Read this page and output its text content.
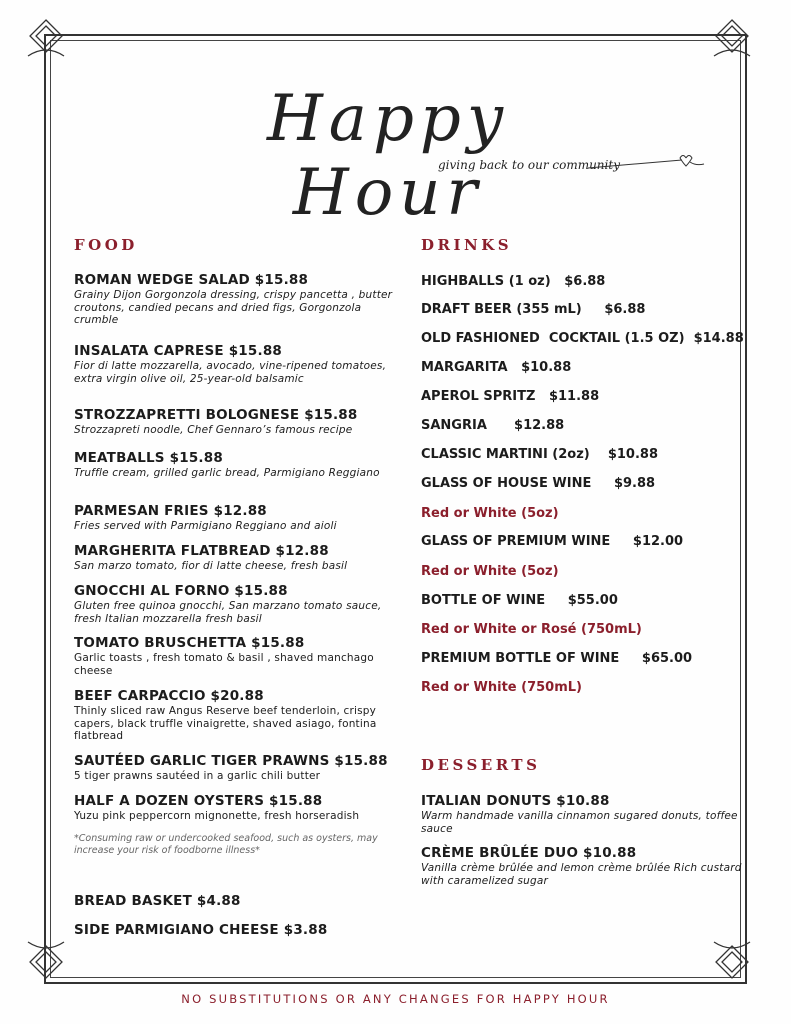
Happy Hour
giving back to our community
FOOD
ROMAN WEDGE SALAD $15.88
Grainy Dijon Gorgonzola dressing, crispy pancetta , butter croutons, candied pecans and dried figs, Gorgonzola crumble
INSALATA CAPRESE $15.88
Fior di latte mozzarella, avocado, vine-ripened tomatoes, extra virgin olive oil, 25-year-old balsamic
STROZZAPRETTI BOLOGNESE $15.88
Strozzapreti noodle, Chef Gennaro’s famous recipe
MEATBALLS $15.88
Truffle cream, grilled garlic bread, Parmigiano Reggiano
PARMESAN FRIES $12.88
Fries served with Parmigiano Reggiano and aioli
MARGHERITA FLATBREAD $12.88
San marzo tomato, fior di latte cheese, fresh basil
GNOCCHI AL FORNO $15.88
Gluten free quinoa gnocchi, San marzano tomato sauce, fresh Italian mozzarella fresh basil
TOMATO BRUSCHETTA $15.88
Garlic toasts , fresh tomato & basil , shaved manchago cheese
BEEF CARPACCIO $20.88
Thinly sliced raw Angus Reserve beef tenderloin, crispy capers, black truffle vinaigrette, shaved asiago, fontina flatbread
SAUTÉED GARLIC TIGER PRAWNS $15.88
5 tiger prawns sautéed in a garlic chili butter
HALF A DOZEN OYSTERS $15.88
Yuzu pink peppercorn mignonette, fresh horseradish
*Consuming raw or undercooked seafood, such as oysters, may increase your risk of foodborne illness*
BREAD BASKET $4.88
SIDE PARMIGIANO CHEESE $3.88
DRINKS
HIGHBALLS (1 oz)   $6.88
DRAFT BEER (355 mL)     $6.88
OLD FASHIONED  COCKTAIL (1.5 OZ)  $14.88
MARGARITA   $10.88
APEROL SPRITZ   $11.88
SANGRIA      $12.88
CLASSIC MARTINI (2oz)    $10.88
GLASS OF HOUSE WINE     $9.88
Red or White (5oz)
GLASS OF PREMIUM WINE     $12.00
Red or White (5oz)
BOTTLE OF WINE     $55.00
Red or White or Rosé (750mL)
PREMIUM BOTTLE OF WINE     $65.00
Red or White (750mL)
DESSERTS
ITALIAN DONUTS $10.88
Warm handmade vanilla cinnamon sugared donuts, toffee sauce
CRÈME BRÛLÉE DUO $10.88
Vanilla crème brûlée and lemon crème brûlée Rich custard with caramelized sugar
NO SUBSTITUTIONS OR ANY CHANGES FOR HAPPY HOUR
